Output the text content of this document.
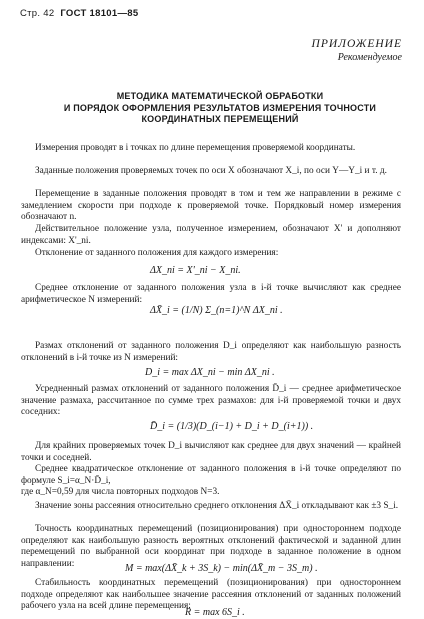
Стр. 42 ГОСТ 18101—85
ПРИЛОЖЕНИЕ
Рекомендуемое
МЕТОДИКА МАТЕМАТИЧЕСКОЙ ОБРАБОТКИ
И ПОРЯДОК ОФОРМЛЕНИЯ РЕЗУЛЬТАТОВ ИЗМЕРЕНИЯ ТОЧНОСТИ
КООРДИНАТНЫХ ПЕРЕМЕЩЕНИЙ
Измерения проводят в i точках по длине перемещения проверяемой координаты.
Заданные положения проверяемых точек по оси X обозначают X_i, по оси Y—Y_i и т. д.
Перемещение в заданные положения проводят в том и тем же направлении в режиме с замедлением скорости при подходе к проверяемой точке. Порядковый номер измерения обозначают n.
Действительное положение узла, полученное измерением, обозначают X' и дополняют индексами: X'_ni.
Отклонение от заданного положения для каждого измерения:
ΔX_ni = X'_ni − X_ni.
Среднее отклонение от заданного положения узла в i-й точке вычисляют как среднее арифметическое N измерений:
ΔX̄_i = (1/N) Σ_(n=1)^N ΔX_ni .
Размах отклонений от заданного положения D_i определяют как наибольшую разность отклонений в i-й точке из N измерений:
D_i = max ΔX_ni − min ΔX_ni .
Усредненный размах отклонений от заданного положения D̄_i — среднее арифметическое значение размаха, рассчитанное по сумме трех размахов: для i-й проверяемой точки и двух соседних:
D̄_i = (1/3)(D_(i−1) + D_i + D_(i+1)) .
Для крайних проверяемых точек D_i вычисляют как среднее для двух значений — крайней точки и соседней.
Среднее квадратическое отклонение от заданного положения в i-й точке определяют по формуле S_i=α_N·D̄_i,
где α_N=0,59 для числа повторных подходов N=3.
Значение зоны рассеяния относительно среднего отклонения ΔX̄_i откладывают как ±3 S_i.
Точность координатных перемещений (позиционирования) при одностороннем подходе определяют как наибольшую разность вероятных отклонений фактической и заданной длин перемещений по выбранной оси координат при подходе в заданное положение в одном направлении:	M = max(ΔX̄_k + 3S_k) − min(ΔX̄_m − 3S_m) .
Стабильность координатных перемещений (позиционирования) при одностороннем подходе определяют как наибольшее значение рассеяния отклонений от заданных положений рабочего узла на всей длине перемещения:
R = max 6S_i .
